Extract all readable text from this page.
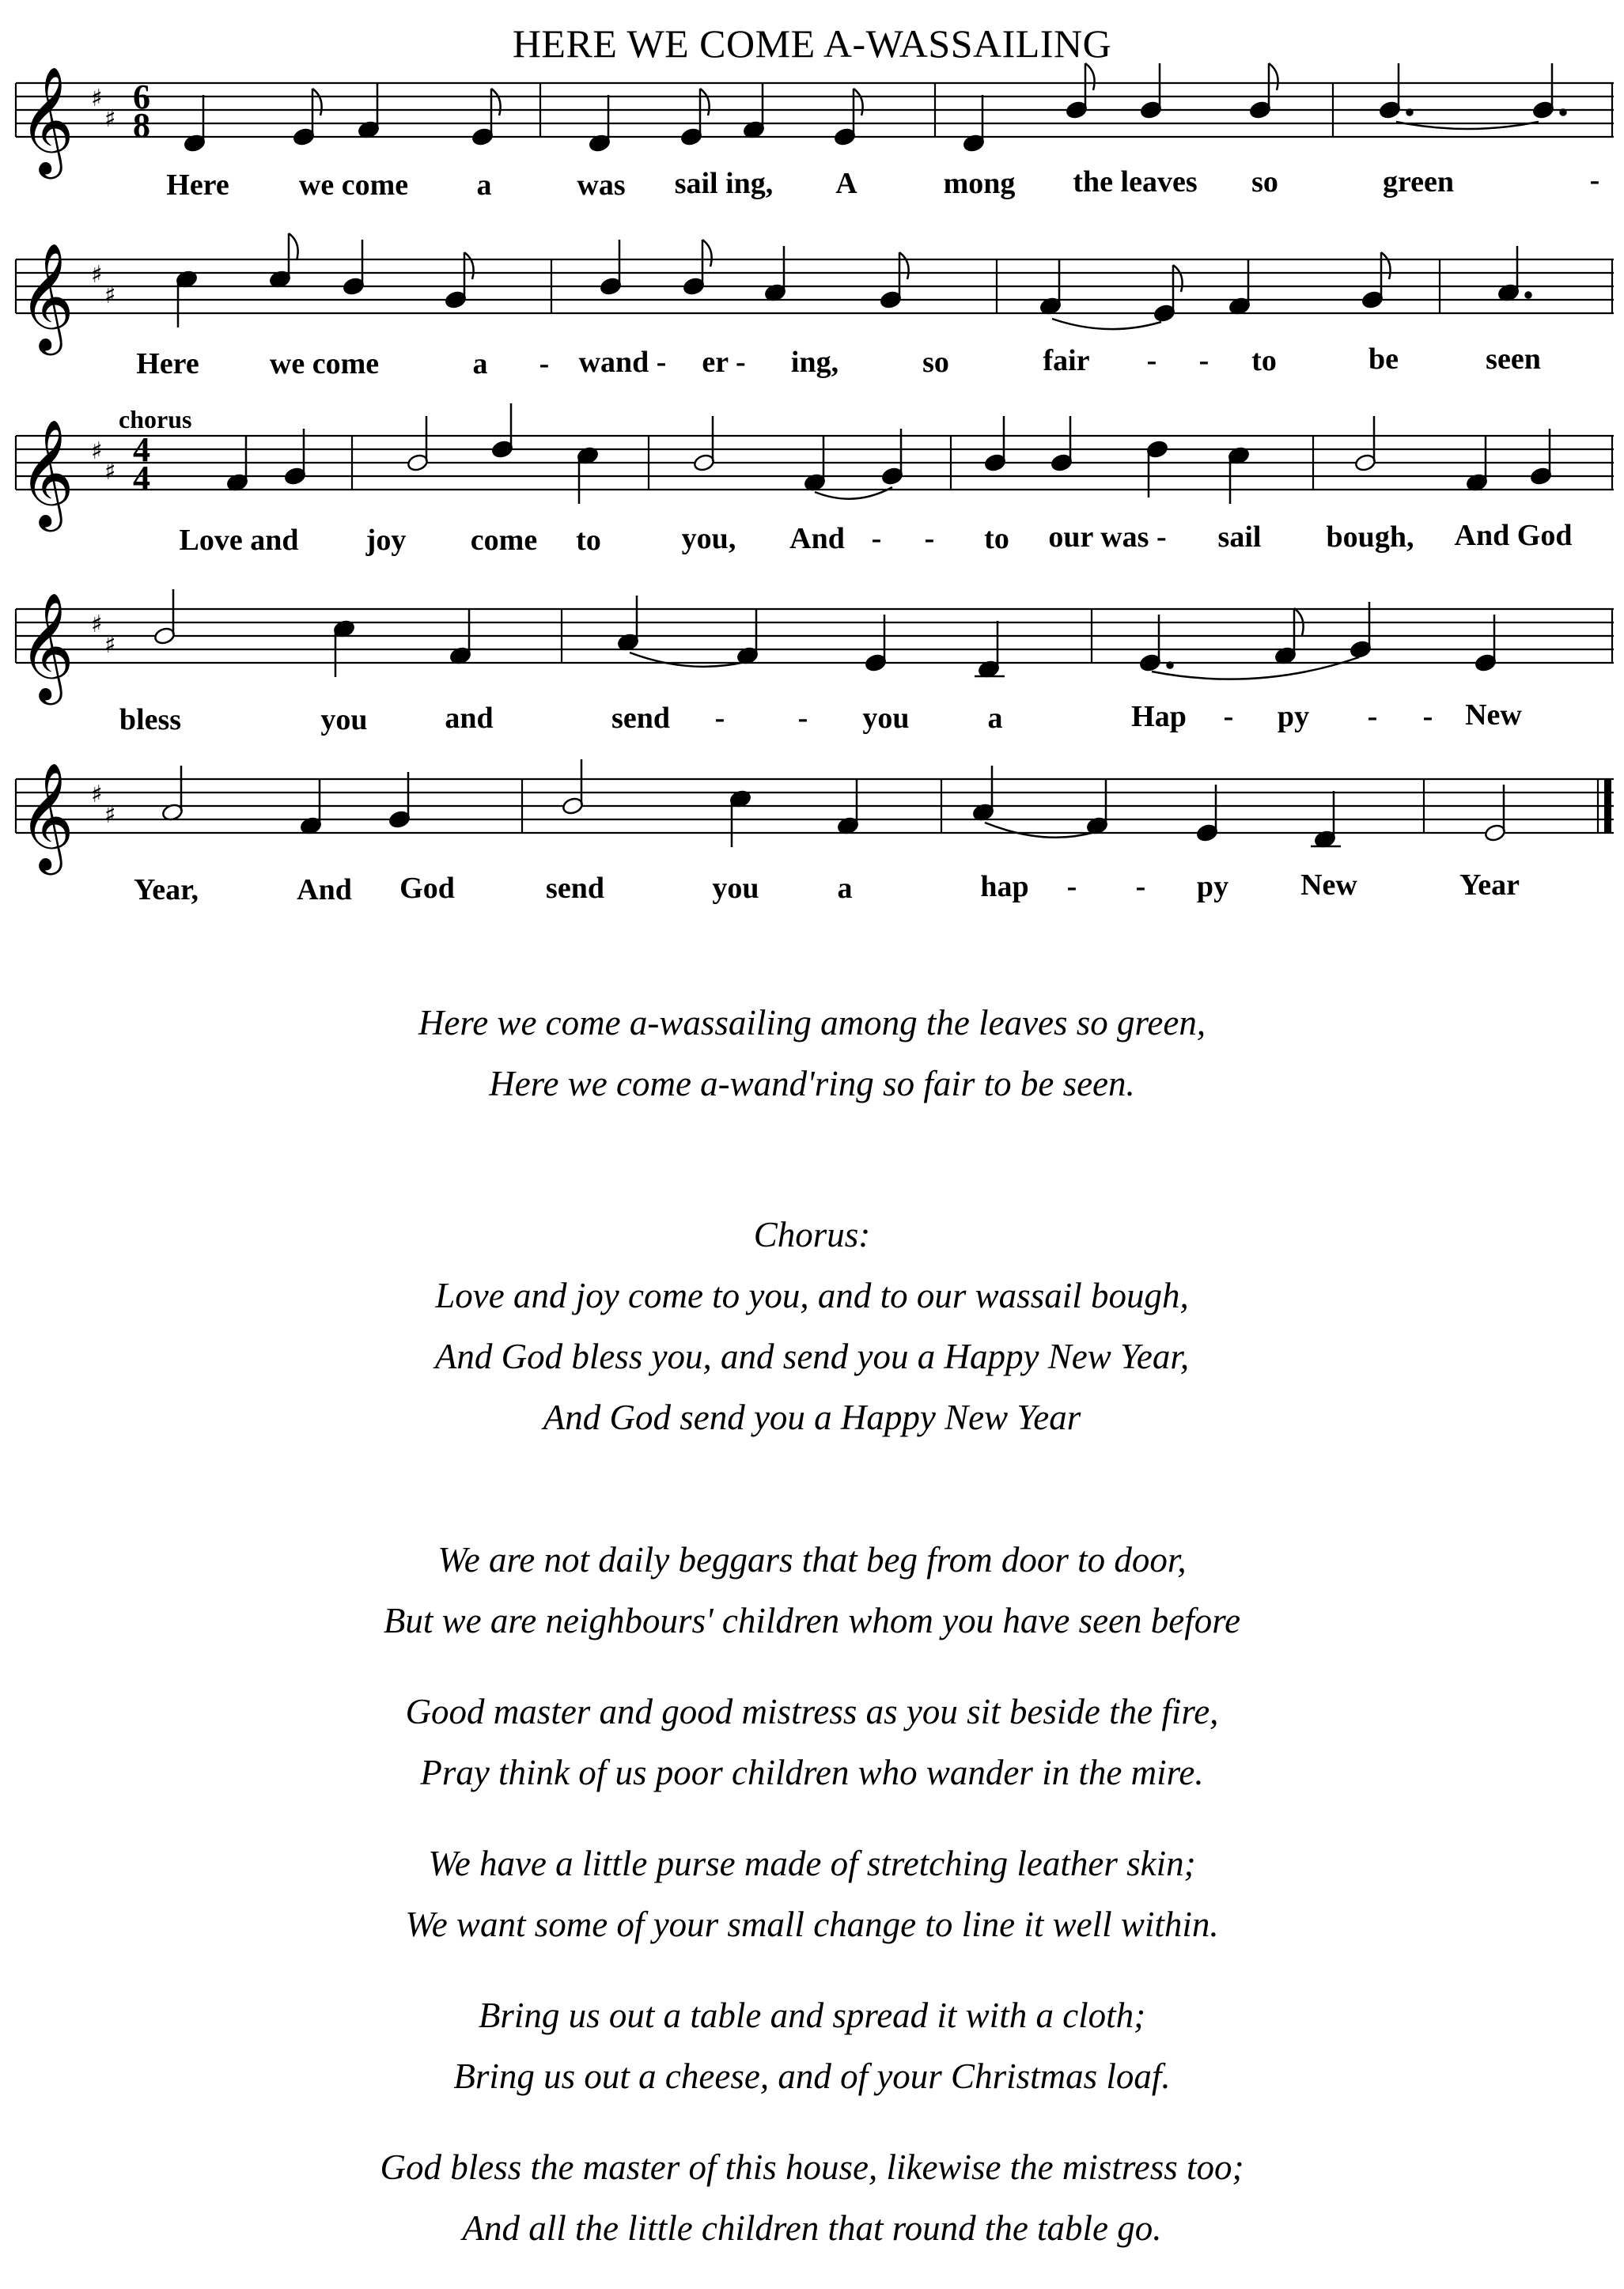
HERE WE COME A-WASSAILING
𝄞 ♯
♯
6
8
Here we come a	was sail ing, A	mong the leaves so	green	-
𝄞 ♯
♯
Here we come	a - wand - er - ing,	so	fair - - to	be	seen
chorus
𝄞 ♯
♯
4
4
Love and joy come to	you, And - - to our was - sail bough, And God
𝄞 ♯
♯
bless	you	and	send - - you	a	Hap - py - - New
𝄞 ♯
♯
Year,	And God	send	you	a	hap - - py New	Year
Here we come a-wassailing among the leaves so green,
Here we come a-wand'ring so fair to be seen.
Chorus:
Love and joy come to you, and to our wassail bough,
And God bless you, and send you a Happy New Year,
And God send you a Happy New Year
We are not daily beggars that beg from door to door,
But we are neighbours' children whom you have seen before
Good master and good mistress as you sit beside the fire,
Pray think of us poor children who wander in the mire.
We have a little purse made of stretching leather skin;
We want some of your small change to line it well within.
Bring us out a table and spread it with a cloth;
Bring us out a cheese, and of your Christmas loaf.
God bless the master of this house, likewise the mistress too;
And all the little children that round the table go.
